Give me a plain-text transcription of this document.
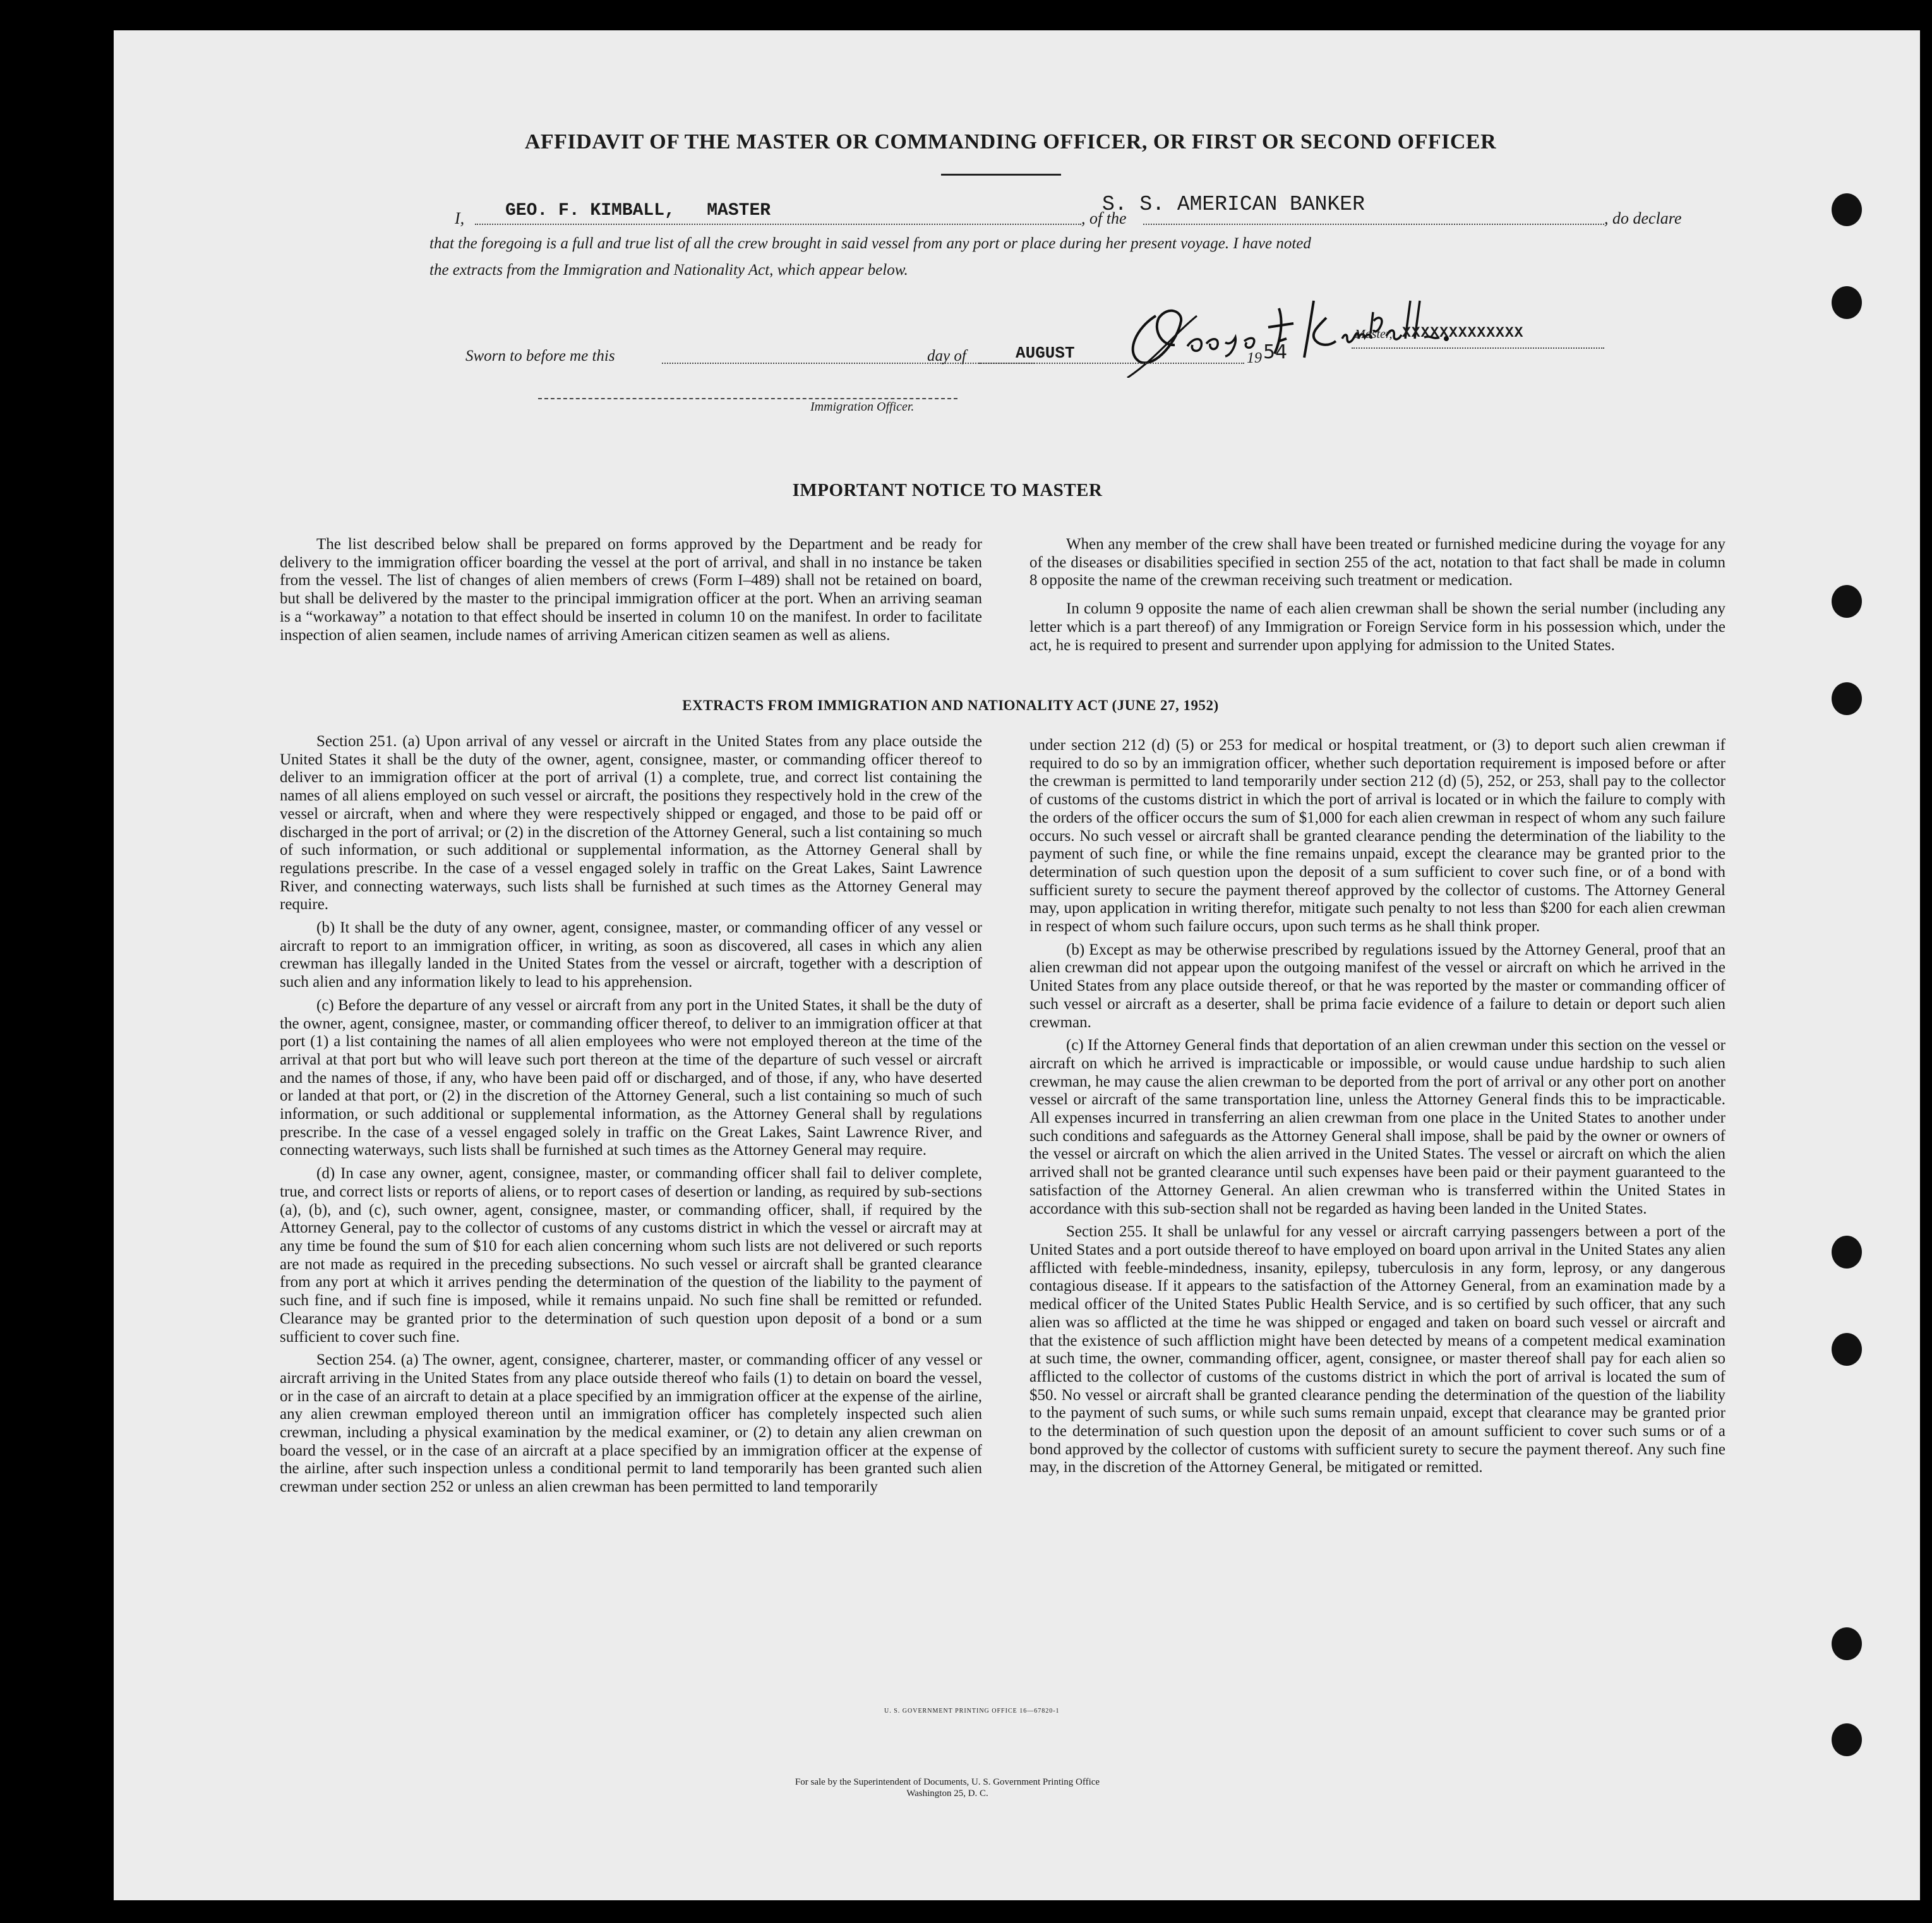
AFFIDAVIT OF THE MASTER OR COMMANDING OFFICER, OR FIRST OR SECOND OFFICER
I, GEO. F. KIMBALL,   MASTER	, of the
S. S. AMERICAN BANKER
, do declare
that the foregoing is a full and true list of all the crew brought in said vessel from any port or place during her present voyage. I have noted
the extracts from the Immigration and Nationality Act, which appear below.
Master, XXXXXXXXXXXXX
Sworn to before me this	day of	AUGUST	19 54
Immigration Officer.
IMPORTANT NOTICE TO MASTER
The list described below shall be prepared on forms approved by the Department and be ready for delivery to the immigration officer boarding the vessel at the port of arrival, and shall in no instance be taken from the vessel. The list of changes of alien members of crews (Form I–489) shall not be retained on board, but shall be delivered by the master to the principal immigration officer at the port. When an arriving seaman is a “workaway” a notation to that effect should be inserted in column 10 on the manifest. In order to facilitate inspection of alien seamen, include names of arriving American citizen seamen as well as aliens.

When any member of the crew shall have been treated or furnished medicine during the voyage for any of the diseases or disabilities specified in section 255 of the act, notation to that fact shall be made in column 8 opposite the name of the crewman receiving such treatment or medication.

In column 9 opposite the name of each alien crewman shall be shown the serial number (including any letter which is a part thereof) of any Immigration or Foreign Service form in his possession which, under the act, he is required to present and surrender upon applying for admission to the United States.

EXTRACTS FROM IMMIGRATION AND NATIONALITY ACT (JUNE 27, 1952)

Section 251. (a) Upon arrival of any vessel or aircraft in the United States from any place outside the United States it shall be the duty of the owner, agent, consignee, master, or commanding officer thereof to deliver to an immigration officer at the port of arrival (1) a complete, true, and correct list containing the names of all aliens employed on such vessel or aircraft, the positions they respectively hold in the crew of the vessel or aircraft, when and where they were respectively shipped or engaged, and those to be paid off or discharged in the port of arrival; or (2) in the discretion of the Attorney General, such a list containing so much of such information, or such additional or supplemental information, as the Attorney General shall by regulations prescribe. In the case of a vessel engaged solely in traffic on the Great Lakes, Saint Lawrence River, and connecting waterways, such lists shall be furnished at such times as the Attorney General may require.

(b) It shall be the duty of any owner, agent, consignee, master, or commanding officer of any vessel or aircraft to report to an immigration officer, in writing, as soon as discovered, all cases in which any alien crewman has illegally landed in the United States from the vessel or aircraft, together with a description of such alien and any information likely to lead to his apprehension.

(c) Before the departure of any vessel or aircraft from any port in the United States, it shall be the duty of the owner, agent, consignee, master, or commanding officer thereof, to deliver to an immigration officer at that port (1) a list containing the names of all alien employees who were not employed thereon at the time of the arrival at that port but who will leave such port thereon at the time of the departure of such vessel or aircraft and the names of those, if any, who have been paid off or discharged, and of those, if any, who have deserted or landed at that port, or (2) in the discretion of the Attorney General, such a list containing so much of such information, or such additional or supplemental information, as the Attorney General shall by regulations prescribe. In the case of a vessel engaged solely in traffic on the Great Lakes, Saint Lawrence River, and connecting waterways, such lists shall be furnished at such times as the Attorney General may require.

(d) In case any owner, agent, consignee, master, or commanding officer shall fail to deliver complete, true, and correct lists or reports of aliens, or to report cases of desertion or landing, as required by sub-sections (a), (b), and (c), such owner, agent, consignee, master, or commanding officer, shall, if required by the Attorney General, pay to the collector of customs of any customs district in which the vessel or aircraft may at any time be found the sum of $10 for each alien concerning whom such lists are not delivered or such reports are not made as required in the preceding subsections. No such vessel or aircraft shall be granted clearance from any port at which it arrives pending the determination of the question of the liability to the payment of such fine, and if such fine is imposed, while it remains unpaid. No such fine shall be remitted or refunded. Clearance may be granted prior to the determination of such question upon deposit of a bond or a sum sufficient to cover such fine.

Section 254. (a) The owner, agent, consignee, charterer, master, or commanding officer of any vessel or aircraft arriving in the United States from any place outside thereof who fails (1) to detain on board the vessel, or in the case of an aircraft to detain at a place specified by an immigration officer at the expense of the airline, any alien crewman employed thereon until an immigration officer has completely inspected such alien crewman, including a physical examination by the medical examiner, or (2) to detain any alien crewman on board the vessel, or in the case of an aircraft at a place specified by an immigration officer at the expense of the airline, after such inspection unless a conditional permit to land temporarily has been granted such alien crewman under section 252 or unless an alien crewman has been permitted to land temporarily

under section 212 (d) (5) or 253 for medical or hospital treatment, or (3) to deport such alien crewman if required to do so by an immigration officer, whether such deportation requirement is imposed before or after the crewman is permitted to land temporarily under section 212 (d) (5), 252, or 253, shall pay to the collector of customs of the customs district in which the port of arrival is located or in which the failure to comply with the orders of the officer occurs the sum of $1,000 for each alien crewman in respect of whom any such failure occurs. No such vessel or aircraft shall be granted clearance pending the determination of the liability to the payment of such fine, or while the fine remains unpaid, except the clearance may be granted prior to the determination of such question upon the deposit of a sum sufficient to cover such fine, or of a bond with sufficient surety to secure the payment thereof approved by the collector of customs. The Attorney General may, upon application in writing therefor, mitigate such penalty to not less than $200 for each alien crewman in respect of whom such failure occurs, upon such terms as he shall think proper.

(b) Except as may be otherwise prescribed by regulations issued by the Attorney General, proof that an alien crewman did not appear upon the outgoing manifest of the vessel or aircraft on which he arrived in the United States from any place outside thereof, or that he was reported by the master or commanding officer of such vessel or aircraft as a deserter, shall be prima facie evidence of a failure to detain or deport such alien crewman.

(c) If the Attorney General finds that deportation of an alien crewman under this section on the vessel or aircraft on which he arrived is impracticable or impossible, or would cause undue hardship to such alien crewman, he may cause the alien crewman to be deported from the port of arrival or any other port on another vessel or aircraft of the same transportation line, unless the Attorney General finds this to be impracticable. All expenses incurred in transferring an alien crewman from one place in the United States to another under such conditions and safeguards as the Attorney General shall impose, shall be paid by the owner or owners of the vessel or aircraft on which the alien arrived in the United States. The vessel or aircraft on which the alien arrived shall not be granted clearance until such expenses have been paid or their payment guaranteed to the satisfaction of the Attorney General. An alien crewman who is transferred within the United States in accordance with this sub-section shall not be regarded as having been landed in the United States.

Section 255. It shall be unlawful for any vessel or aircraft carrying passengers between a port of the United States and a port outside thereof to have employed on board upon arrival in the United States any alien afflicted with feeble-mindedness, insanity, epilepsy, tuberculosis in any form, leprosy, or any dangerous contagious disease. If it appears to the satisfaction of the Attorney General, from an examination made by a medical officer of the United States Public Health Service, and is so certified by such officer, that any such alien was so afflicted at the time he was shipped or engaged and taken on board such vessel or aircraft and that the existence of such affliction might have been detected by means of a competent medical examination at such time, the owner, commanding officer, agent, consignee, or master thereof shall pay for each alien so afflicted to the collector of customs of the customs district in which the port of arrival is located the sum of $50. No vessel or aircraft shall be granted clearance pending the determination of the question of the liability to the payment of such sums, or while such sums remain unpaid, except that clearance may be granted prior to the determination of such question upon the deposit of an amount sufficient to cover such sums or of a bond approved by the collector of customs with sufficient surety to secure the payment thereof. Any such fine may, in the discretion of the Attorney General, be mitigated or remitted.

U. S. GOVERNMENT PRINTING OFFICE 16—67820-1
For sale by the Superintendent of Documents, U. S. Government Printing Office
Washington 25, D. C.
